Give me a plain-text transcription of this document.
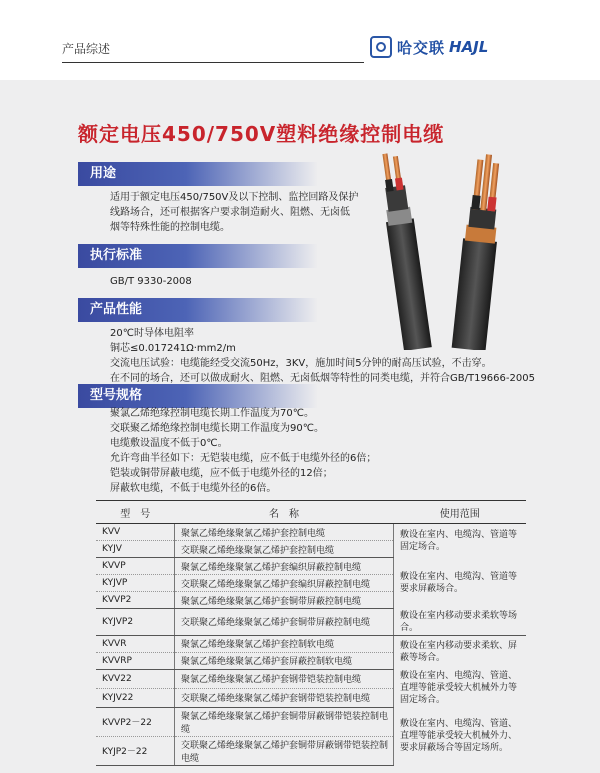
产品综述	哈交联 HAJL
额定电压450/750V塑料绝缘控制电缆
用途
适用于额定电压450/750V及以下控制、监控回路及保护
线路场合，还可根据客户要求制造耐火、阻燃、无卤低
烟等特殊性能的控制电缆。
执行标准
GB/T 9330-2008
产品性能
20℃时导体电阻率
铜芯≤0.017241Ω·mm2/m
交流电压试验：电缆能经受交流50Hz，3KV，施加时间5分钟的耐高压试验，不击穿。
在不同的场合，还可以做成耐火、阻燃、无卤低烟等特性的同类电缆，并符合GB/T19666-2005
型号规格
聚氯乙烯绝缘控制电缆长期工作温度为70℃。
交联聚乙烯绝缘控制电缆长期工作温度为90℃。
电缆敷设温度不低于0℃。
允许弯曲半径如下：无铠装电缆，应不低于电缆外径的6倍；
铠装或铜带屏蔽电缆，应不低于电缆外径的12倍；
屏蔽软电缆，不低于电缆外径的6倍。
型　号	名　称	使用范围
KVV	聚氯乙烯绝缘聚氯乙烯护套控制电缆	敷设在室内、电缆沟、管道等固定场合。
KYJV	交联聚乙烯绝缘聚氯乙烯护套控制电缆	
KVVP	聚氯乙烯绝缘聚氯乙烯护套编织屏蔽控制电缆	敷设在室内、电缆沟、管道等要求屏蔽场合。
KYJVP	交联聚乙烯绝缘聚氯乙烯护套编织屏蔽控制电缆	
KVVP2	聚氯乙烯绝缘聚氯乙烯护套铜带屏蔽控制电缆	
KYJVP2	交联聚乙烯绝缘聚氯乙烯护套铜带屏蔽控制电缆	敷设在室内移动要求柔软等场合。
KVVR	聚氯乙烯绝缘聚氯乙烯护套控制软电缆	敷设在室内移动要求柔软、屏蔽等场合。
KVVRP	聚氯乙烯绝缘聚氯乙烯护套屏蔽控制软电缆	
KVV22	聚氯乙烯绝缘聚氯乙烯护套钢带铠装控制电缆	敷设在室内、电缆沟、管道、直埋等能承受较大机械外力等固定场合。
KYJV22	交联聚乙烯绝缘聚氯乙烯护套钢带铠装控制电缆	
KVVP2－22	聚氯乙烯绝缘聚氯乙烯护套铜带屏蔽钢带铠装控制电缆	敷设在室内、电缆沟、管道、直埋等能承受较大机械外力、要求屏蔽场合等固定场所。
KYJP2－22	交联聚乙烯绝缘聚氯乙烯护套铜带屏蔽钢带铠装控制电缆	
